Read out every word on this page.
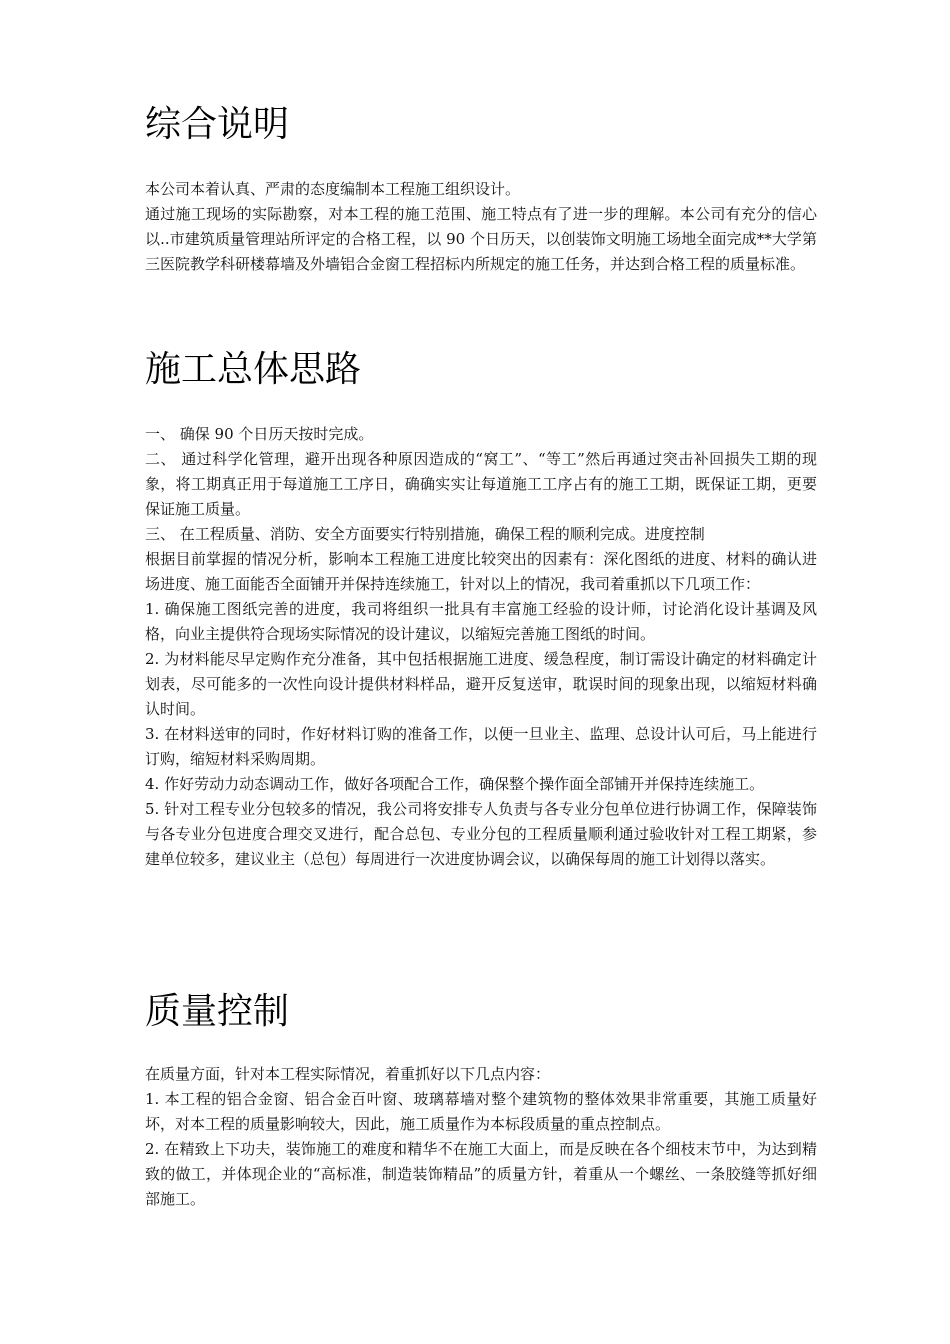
综合说明

本公司本着认真、严肃的态度编制本工程施工组织设计。

通过施工现场的实际勘察，对本工程的施工范围、施工特点有了进一步的理解。本公司有充分的信心以..市建筑质量管理站所评定的合格工程，以 90 个日历天，以创装饰文明施工场地全面完成**大学第三医院教学科研楼幕墙及外墙铝合金窗工程招标内所规定的施工任务，并达到合格工程的质量标准。

施工总体思路

一、 确保 90 个日历天按时完成。

二、 通过科学化管理，避开出现各种原因造成的“窝工”、“等工”然后再通过突击补回损失工期的现象，将工期真正用于每道施工工序日，确确实实让每道施工工序占有的施工工期，既保证工期，更要保证施工质量。

三、 在工程质量、消防、安全方面要实行特别措施，确保工程的顺利完成。进度控制

根据目前掌握的情况分析，影响本工程施工进度比较突出的因素有：深化图纸的进度、材料的确认进场进度、施工面能否全面铺开并保持连续施工，针对以上的情况，我司着重抓以下几项工作：

1. 确保施工图纸完善的进度，我司将组织一批具有丰富施工经验的设计师，讨论消化设计基调及风格，向业主提供符合现场实际情况的设计建议，以缩短完善施工图纸的时间。

2. 为材料能尽早定购作充分准备，其中包括根据施工进度、缓急程度，制订需设计确定的材料确定计划表，尽可能多的一次性向设计提供材料样品，避开反复送审，耽误时间的现象出现，以缩短材料确认时间。

3. 在材料送审的同时，作好材料订购的准备工作，以便一旦业主、监理、总设计认可后，马上能进行订购，缩短材料采购周期。

4. 作好劳动力动态调动工作，做好各项配合工作，确保整个操作面全部铺开并保持连续施工。

5. 针对工程专业分包较多的情况，我公司将安排专人负责与各专业分包单位进行协调工作，保障装饰与各专业分包进度合理交叉进行，配合总包、专业分包的工程质量顺利通过验收针对工程工期紧，参建单位较多，建议业主（总包）每周进行一次进度协调会议，以确保每周的施工计划得以落实。

质量控制

在质量方面，针对本工程实际情况，着重抓好以下几点内容：

1. 本工程的铝合金窗、铝合金百叶窗、玻璃幕墙对整个建筑物的整体效果非常重要，其施工质量好坏，对本工程的质量影响较大，因此，施工质量作为本标段质量的重点控制点。

2. 在精致上下功夫，装饰施工的难度和精华不在施工大面上，而是反映在各个细枝末节中，为达到精致的做工，并体现企业的“高标准，制造装饰精品”的质量方针，着重从一个螺丝、一条胶缝等抓好细部施工。
